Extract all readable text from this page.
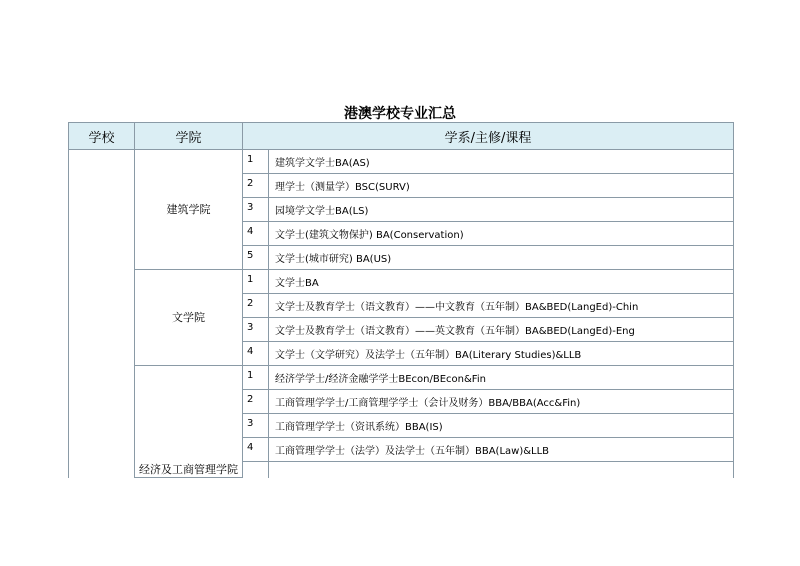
港澳学校专业汇总
学校	学院	学系/主修/课程	
	建筑学院	1	建筑学文学士BA(AS)
		2	理学士（测量学）BSC(SURV)
		3	园境学文学士BA(LS)
		4	文学士(建筑文物保护) BA(Conservation)
		5	文学士(城市研究) BA(US)
	文学院	1	文学士BA
		2	文学士及教育学士（语文教育）——中文教育（五年制）BA&BED(LangEd)-Chin
		3	文学士及教育学士（语文教育）——英文教育（五年制）BA&BED(LangEd)-Eng
		4	文学士（文学研究）及法学士（五年制）BA(Literary Studies)&LLB
	经济及工商管理学院	1	经济学学士/经济金融学学士BEcon/BEcon&Fin
		2	工商管理学学士/工商管理学学士（会计及财务）BBA/BBA(Acc&Fin)
		3	工商管理学学士（资讯系统）BBA(IS)
		4	工商管理学学士（法学）及法学士（五年制）BBA(Law)&LLB
